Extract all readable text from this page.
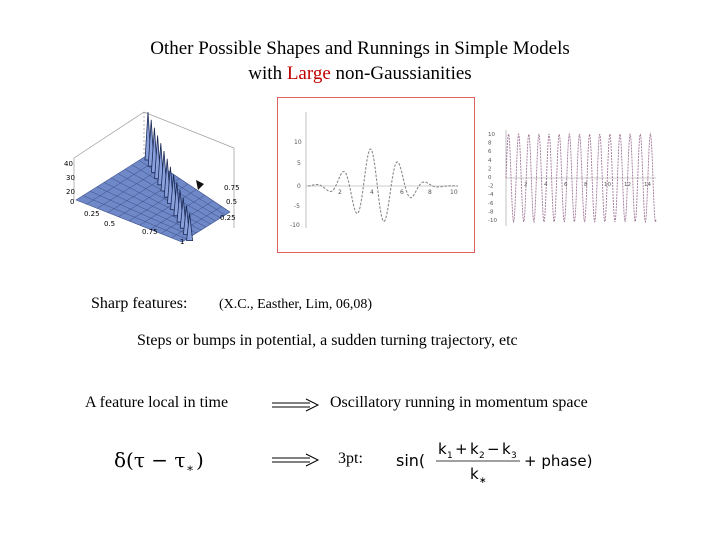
Other Possible Shapes and Runnings in Simple Models
with Large non-Gaussianities
40
30
20
0
0.25
0.5
0.75
1
0.75
0.5
0.25
10
5
0
-5
-10
2	4	6	8	10
10
8
6
4
2
0
-2
-4
-6
-8
-10
2	4	6	8	10 12 14
Sharp features: (X.C., Easther, Lim, 06,08)
Steps or bumps in potential, a sudden turning trajectory, etc
A feature local in time	Oscillatory running in momentum space
δ(τ − τ ∗ )	3pt: sin(
k 1 + k 2 − k 3
k ∗
+ phase)
